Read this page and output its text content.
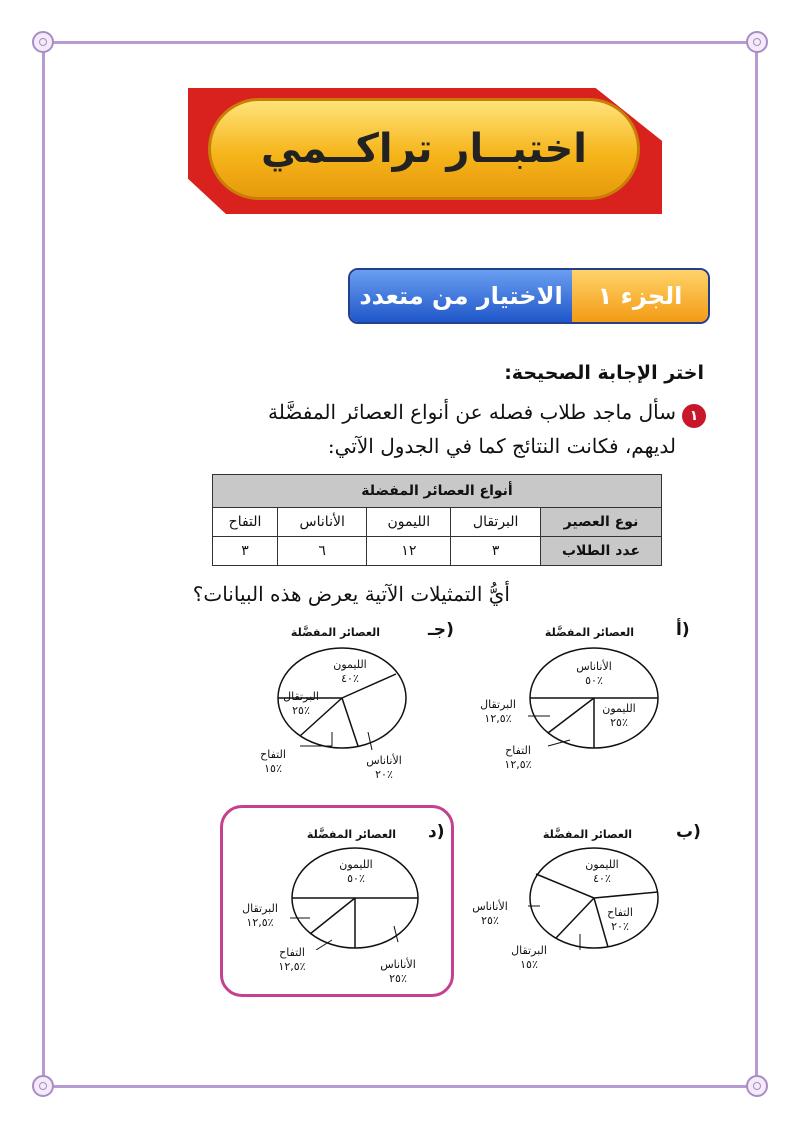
اختبــار تراكــمي
الجزء ١
الاختيار من متعدد
اختر الإجابة الصحيحة:
١
سأل ماجد طلاب فصله عن أنواع العصائر المفضَّلة
لديهم، فكانت النتائج كما في الجدول الآتي:
أنواع العصائر المفضلة				
نوع العصير	البرتقال	الليمون	الأناناس	التفاح
عدد الطلاب	٣	١٢	٦	٣
أيُّ التمثيلات الآتية يعرض هذه البيانات؟
أ)
العصائر المفضَّلة
الأناناس
٥٠٪
الليمون
٢٥٪
البرتقال
١٢,٥٪
التفاح
١٢,٥٪
جـ)
العصائر المفضَّلة
الليمون
٤٠٪
البرتقال
٢٥٪
التفاح
١٥٪
الأناناس
٢٠٪
ب)
العصائر المفضَّلة
الليمون
٤٠٪
الأناناس
٢٥٪
التفاح
٢٠٪
البرتقال
١٥٪
د)
العصائر المفضَّلة
الليمون
٥٠٪
البرتقال
١٢,٥٪
التفاح
١٢,٥٪	الأناناس
٢٥٪
